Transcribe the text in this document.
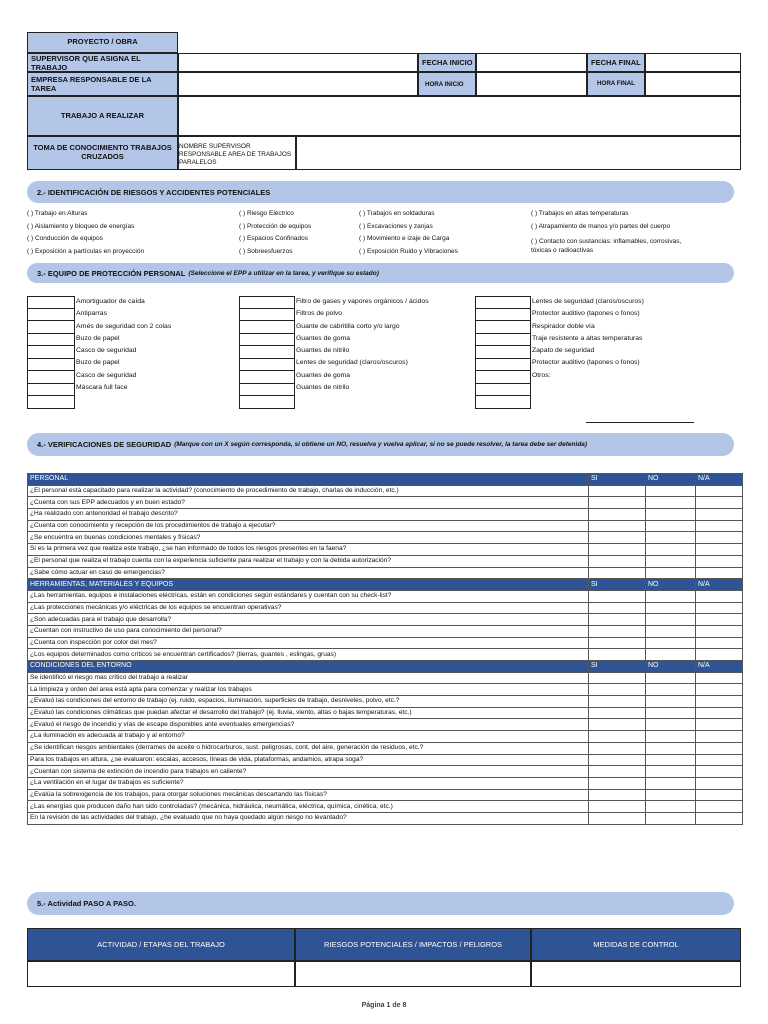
PROYECTO / OBRA
SUPERVISOR QUE ASIGNA EL TRABAJO	FECHA INICIO	FECHA FINAL
EMPRESA RESPONSABLE DE LA TAREA	HORA INICIO	HORA FINAL
TRABAJO A REALIZAR
TOMA DE CONOCIMIENTO TRABAJOS CRUZADOS
NOMBRE SUPERVISOR
RESPONSABLE AREA DE TRABAJOS
PARALELOS
2.- IDENTIFICACIÓN DE RIESGOS Y ACCIDENTES POTENCIALES
( ) Trabajo en Alturas
( ) Aislamiento y bloqueo de energías
( ) Conducción de equipos
( ) Exposición a partículas en proyección
( ) Riesgo Eléctrico
( ) Protección de equipos
( ) Espacios Confinados
( ) Sobreesfuerzos
( ) Trabajos en soldaduras
( ) Excavaciones y zanjas
( ) Movimiento e izaje de Carga
( ) Exposición Ruido y Vibraciones
( ) Trabajos en altas temperaturas
( ) Atrapamiento de manos y/o partes del cuerpo
( ) Contacto con sustancias: inflamables, corrosivas,
tóxicas o radioactivas
3.- EQUIPO DE PROTECCIÓN PERSONAL (Seleccione el EPP a utilizar en la tarea, y verifique su estado)
Amortiguador de caída
Antiparras
Arnés de seguridad con 2 colas
Buzo de papel
Casco de seguridad
Buzo de papel
Casco de seguridad
Máscara full face
Filtro de gases y vapores orgánicos / ácidos
Filtros de polvo
Guante de cabritilla corto y/o largo
Guantes de goma
Guantes de nitrilo
Lentes de seguridad (claros/oscuros)
Guantes de goma
Guantes de nitrilo
Lentes de seguridad (claros/oscuros)
Protector auditivo (tapones o fonos)
Respirador doble vía
Traje resistente a altas temperaturas
Zapato de seguridad
Protector auditivo (tapones o fonos)
Otros:
4.- VERIFICACIONES DE SEGURIDAD (Marque con un X según corresponda, si obtiene un NO, resuelva y vuelva aplicar, si no se puede resolver, la tarea debe ser detenida)
PERSONAL	SI	NO	N/A
¿El personal está capacitado para realizar la actividad? (conocimiento de procedimiento de trabajo, charlas de inducción, etc.)			
¿Cuenta con sus EPP adecuados y en buen estado?			
¿Ha realizado con anterioridad el trabajo descrito?			
¿Cuenta con conocimiento y recepción de los procedimientos de trabajo a ejecutar?			
¿Se encuentra en buenas condiciones mentales y físicas?			
Si es la primera vez que realiza este trabajo, ¿se han informado de todos los riesgos presentes en la faena?			
¿El personal que realiza el trabajo cuenta con la experiencia suficiente para realizar el trabajo y con la debida autorización?			
¿Sabe cómo actuar en caso de emergencias?			
HERRAMIENTAS, MATERIALES Y EQUIPOS	SI	NO	N/A
¿Las herramientas, equipos e instalaciones eléctricas, están en condiciones según estándares y cuentan con su check-list?			
¿Las protecciones mecánicas y/o eléctricas de los equipos se encuentran operativas?			
¿Son adecuadas para el trabajo que desarrolla?			
¿Cuentan con instructivo de uso para conocimiento del personal?			
¿Cuenta con inspección por color del mes?			
¿Los equipos determinados como críticos se encuentran certificados? (tierras, guantes , eslingas, gruas)			
CONDICIONES DEL ENTORNO	SI	NO	N/A
Se identificó el riesgo mas crítico del trabajo a realizar			
La limpieza y orden del area está apta para comenzar y realizar los trabajos			
¿Evaluó las condiciones del entorno de trabajo (ej. ruido, espacios, iluminación, superficies de trabajo, desniveles, polvo, etc.?			
¿Evaluó las condiciones climáticas que puedan afectar el desarrollo del trabajo? (ej. lluvia, viento, altas o bajas temperaturas, etc.)			
¿Evaluó el riesgo de incendio y vías de escape disponibles ante eventuales emergencias?			
¿La iluminación es adecuada al trabajo y al entorno?			
¿Se identifican riesgos ambientales (derrames de aceite o hidrocarburos, sust. peligrosas, cont. del aire, generación de residuos, etc.?			
Para los trabajos en altura, ¿se evaluaron: escalas, accesos, líneas de vida, plataformas, andamios, atrapa soga?			
¿Cuentan con sistema de extinción de incendio para trabajos en caliente?			
¿La ventilación en el lugar de trabajos es suficiente?			
¿Evalúa la sobrexigencia de los trabajos, para otorgar soluciones mecánicas descartando las físicas?			
¿Las energías que producen daño han sido controladas? (mecánica, hidráulica, neumática, eléctrica, química, cinética, etc.)			
En la revisión de las actividades del trabajo, ¿he evaluado que no haya quedado algún riesgo no levantado?			
5.- Actividad PASO A PASO.
ACTIVIDAD / ETAPAS DEL TRABAJO	RIESGOS POTENCIALES / IMPACTOS / PELIGROS	MEDIDAS DE CONTROL
Página 1 de 8
